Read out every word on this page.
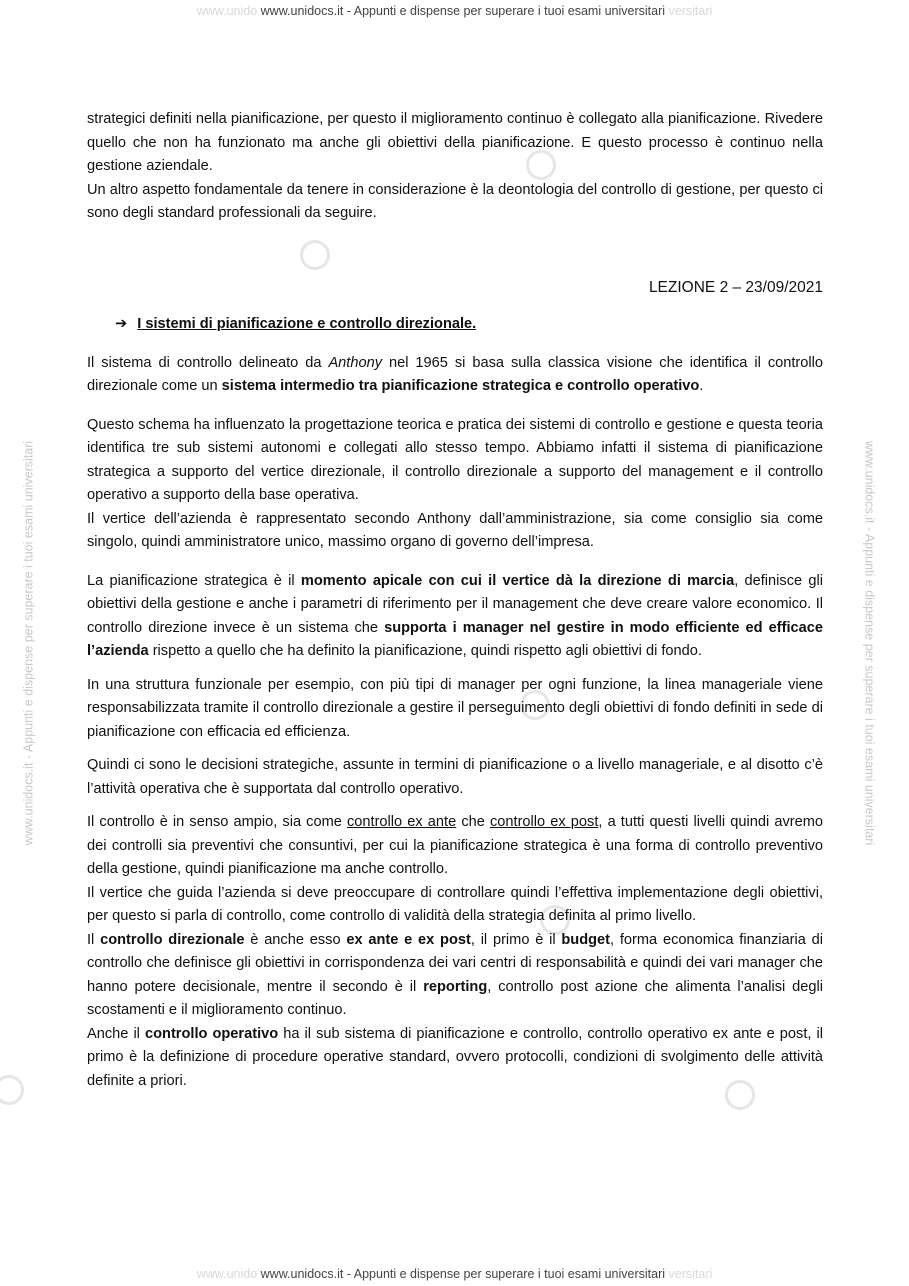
www.unido www.unidocs.it - Appunti e dispense per superare i tuoi esami universitari versitari
www.unidocs.it - Appunti e dispense per superare i tuoi esami universitari	www.unidocs.it - Appunti e dispense per superare i tuoi esami universitari

strategici definiti nella pianificazione, per questo il miglioramento continuo è collegato alla pianificazione. Rivedere quello che non ha funzionato ma anche gli obiettivi della pianificazione. E questo processo è continuo nella gestione aziendale.

Un altro aspetto fondamentale da tenere in considerazione è la deontologia del controllo di gestione, per questo ci sono degli standard professionali da seguire.

LEZIONE 2 – 23/09/2021

➔ I sistemi di pianificazione e controllo direzionale.

Il sistema di controllo delineato da Anthony nel 1965 si basa sulla classica visione che identifica il controllo direzionale come un sistema intermedio tra pianificazione strategica e controllo operativo.

Questo schema ha influenzato la progettazione teorica e pratica dei sistemi di controllo e gestione e questa teoria identifica tre sub sistemi autonomi e collegati allo stesso tempo. Abbiamo infatti il sistema di pianificazione strategica a supporto del vertice direzionale, il controllo direzionale a supporto del management e il controllo operativo a supporto della base operativa.

Il vertice dell’azienda è rappresentato secondo Anthony dall’amministrazione, sia come consiglio sia come singolo, quindi amministratore unico, massimo organo di governo dell’impresa.

La pianificazione strategica è il momento apicale con cui il vertice dà la direzione di marcia, definisce gli obiettivi della gestione e anche i parametri di riferimento per il management che deve creare valore economico. Il controllo direzione invece è un sistema che supporta i manager nel gestire in modo efficiente ed efficace l’azienda rispetto a quello che ha definito la pianificazione, quindi rispetto agli obiettivi di fondo.

In una struttura funzionale per esempio, con più tipi di manager per ogni funzione, la linea manageriale viene responsabilizzata tramite il controllo direzionale a gestire il perseguimento degli obiettivi di fondo definiti in sede di pianificazione con efficacia ed efficienza.

Quindi ci sono le decisioni strategiche, assunte in termini di pianificazione o a livello manageriale, e al disotto c’è l’attività operativa che è supportata dal controllo operativo.

Il controllo è in senso ampio, sia come controllo ex ante che controllo ex post, a tutti questi livelli quindi avremo dei controlli sia preventivi che consuntivi, per cui la pianificazione strategica è una forma di controllo preventivo della gestione, quindi pianificazione ma anche controllo.

Il vertice che guida l’azienda si deve preoccupare di controllare quindi l’effettiva implementazione degli obiettivi, per questo si parla di controllo, come controllo di validità della strategia definita al primo livello.

Il controllo direzionale è anche esso ex ante e ex post, il primo è il budget, forma economica finanziaria di controllo che definisce gli obiettivi in corrispondenza dei vari centri di responsabilità e quindi dei vari manager che hanno potere decisionale, mentre il secondo è il reporting, controllo post azione che alimenta l’analisi degli scostamenti e il miglioramento continuo.

Anche il controllo operativo ha il sub sistema di pianificazione e controllo, controllo operativo ex ante e post, il primo è la definizione di procedure operative standard, ovvero protocolli, condizioni di svolgimento delle attività definite a priori.

www.unido www.unidocs.it - Appunti e dispense per superare i tuoi esami universitari versitari
